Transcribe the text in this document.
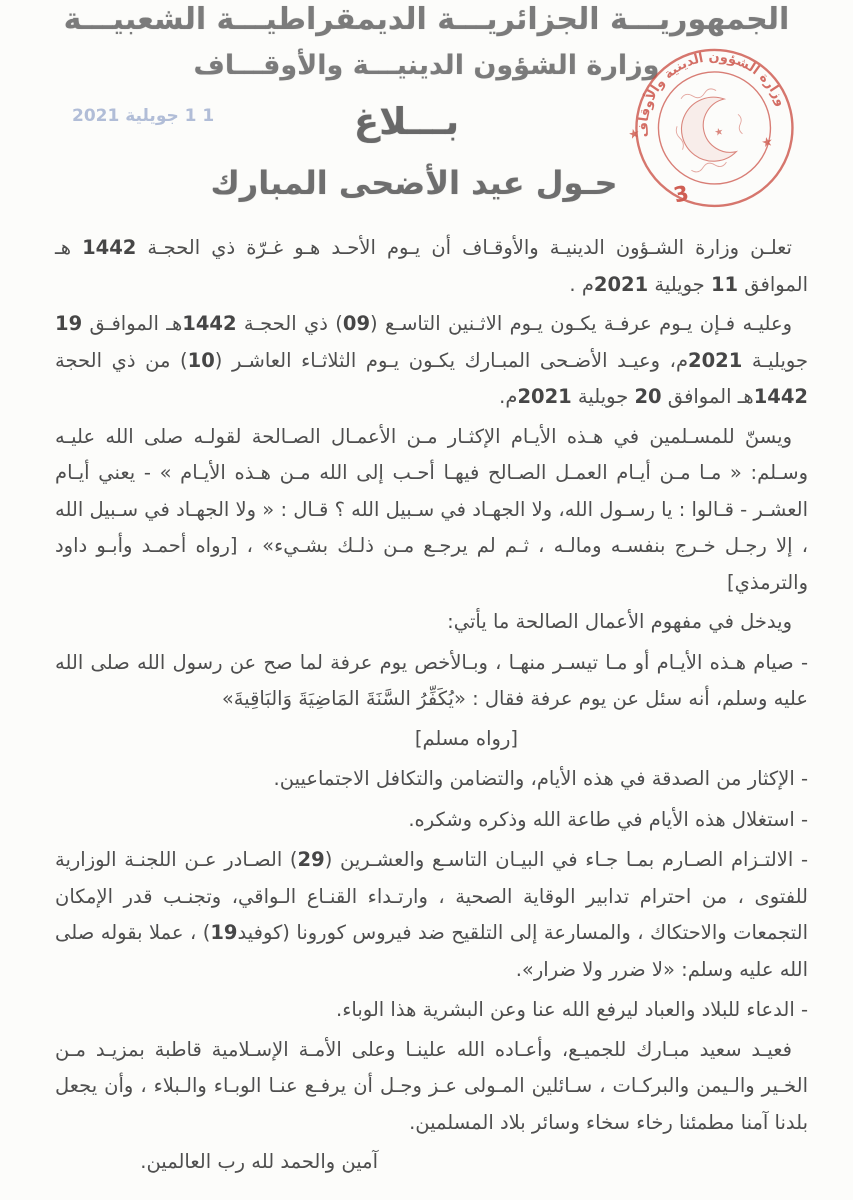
الجمهوريـــة الجزائريـــة الديمقراطيـــة الشعبيـــة
وزارة الشؤون الدينيـــة والأوقـــاف
1 1 جويلية 2021
وزارة الشؤون الدينية والأوقاف
★	★
★
3
بـــلاغ
حـول عيد الأضحى المبارك

تعلـن وزارة الشـؤون الدينيـة والأوقـاف أن يـوم الأحـد هـو غـرّة ذي الحجـة 1442 هـ الموافق 11 جويلية 2021م .

وعليـه فـإن يـوم عرفـة يكـون يـوم الاثـنين التاسـع (09) ذي الحجـة 1442هـ الموافـق 19 جويليـة 2021م، وعيـد الأضـحى المبـارك يكـون يـوم الثلاثـاء العاشـر (10) من ذي الحجة 1442هـ الموافق 20 جويلية 2021م.

ويسنّ للمسـلمين في هـذه الأيـام الإكثـار مـن الأعمـال الصـالحة لقولـه صلى الله عليـه وسـلم: « مـا مـن أيـام العمـل الصـالح فيهـا أحـب إلى الله مـن هـذه الأيـام » - يعني أيـام العشـر - قـالوا : يا رسـول الله، ولا الجهـاد في سـبيل الله ؟ قـال : « ولا الجهـاد في سـبيل الله ، إلا رجـل خـرج بنفسـه ومالـه ، ثـم لم يرجـع مـن ذلـك بشـيء» ، [رواه أحمـد وأبـو داود والترمذي]

ويدخل في مفهوم الأعمال الصالحة ما يأتي:

- صيام هـذه الأيـام أو مـا تيسـر منهـا ، وبـالأخص يوم عرفة لما صح عن رسول الله صلى الله عليه وسلم، أنه سئل عن يوم عرفة فقال : «يُكَفِّرُ السَّنَةَ المَاضِيَةَ وَالبَاقِيةَ»

[رواه مسلم]

- الإكثار من الصدقة في هذه الأيام، والتضامن والتكافل الاجتماعيين.

- استغلال هذه الأيام في طاعة الله وذكره وشكره.

- الالتـزام الصـارم بمـا جـاء في البيـان التاسـع والعشـرين (29) الصـادر عـن اللجنـة الوزارية للفتوى ، من احترام تدابير الوقاية الصحية ، وارتـداء القنـاع الـواقي، وتجنـب قدر الإمكان التجمعات والاحتكاك ، والمسارعة إلى التلقيح ضد فيروس كورونا (كوفيد19) ، عملا بقوله صلى الله عليه وسلم: «لا ضرر ولا ضرار».

- الدعاء للبلاد والعباد ليرفع الله عنا وعن البشرية هذا الوباء.

فعيـد سعيد مبـارك للجميـع، وأعـاده الله علينـا وعلى الأمـة الإسـلامية قاطبة بمزيـد مـن الخـير والـيمن والبركـات ، سـائلين المـولى عـز وجـل أن يرفـع عنـا الوبـاء والـبلاء ، وأن يجعل بلدنا آمنا مطمئنا رخاء سخاء وسائر بلاد المسلمين.

آمين والحمد لله رب العالمين.
